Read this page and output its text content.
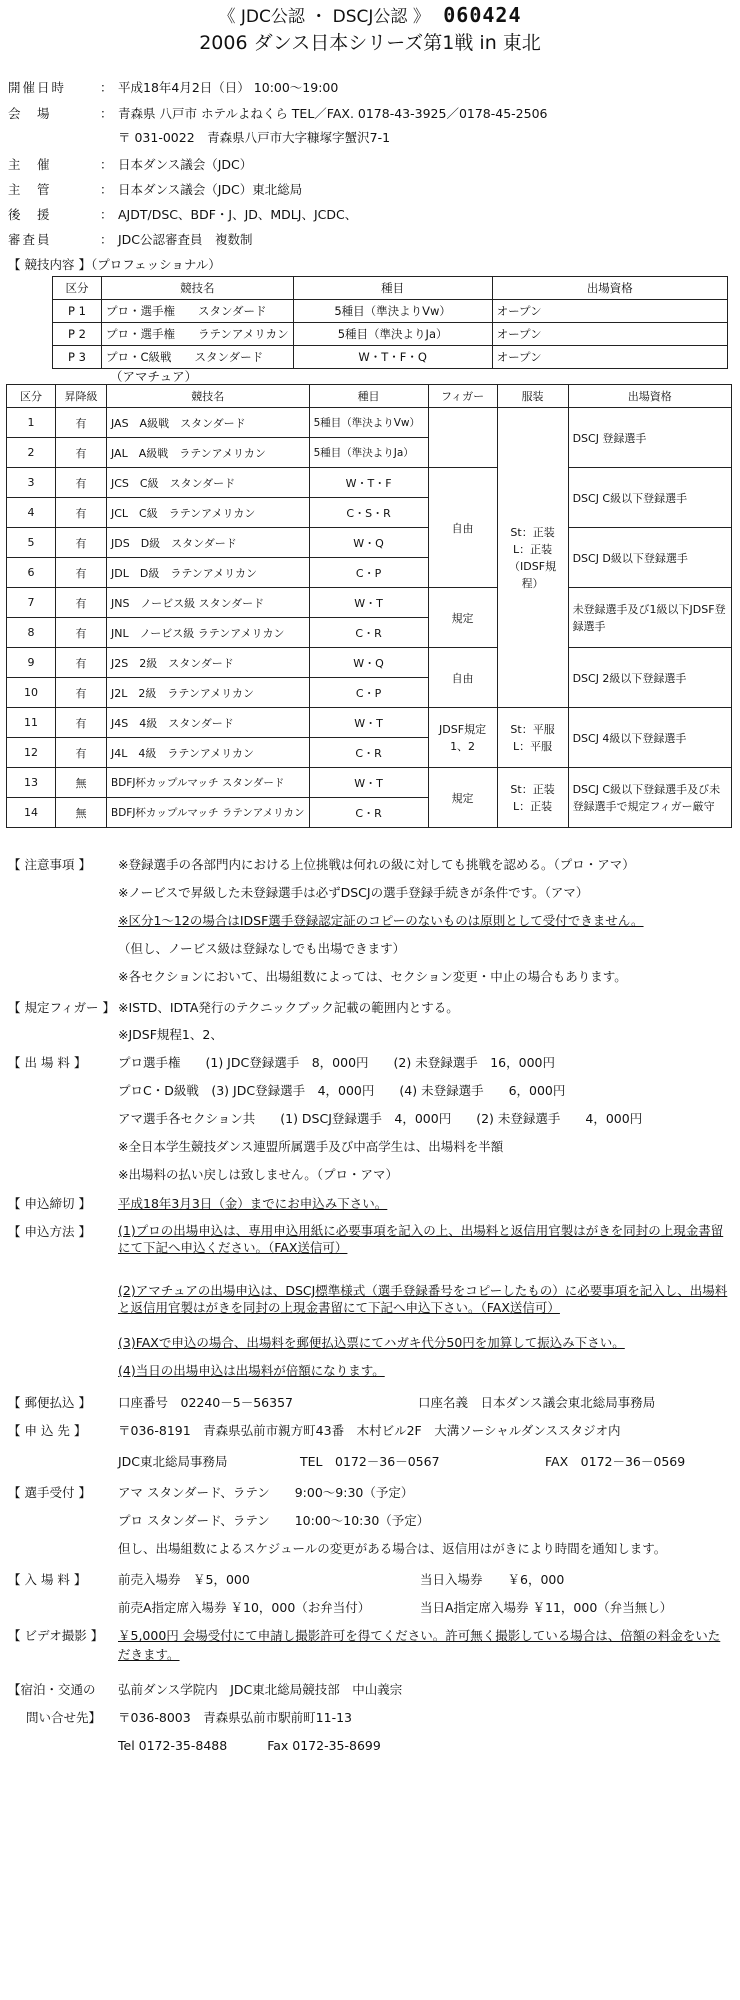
《 JDC公認 ・ DSCJ公認 》 060424
2006 ダンス日本シリーズ第1戦 in 東北
開催日時	： 平成18年4月2日（日） 10:00～19:00
会　場	： 青森県 八戸市 ホテルよねくら TEL／FAX. 0178-43-3925／0178-45-2506
〒 031-0022　青森県八戸市大字糠塚字蟹沢7-1
主　催	： 日本ダンス議会（JDC）
主　管	： 日本ダンス議会（JDC）東北総局
後　援	： AJDT/DSC、BDF・J、JD、MDLJ、JCDC、
審査員	： JDC公認審査員　複数制
【 競技内容 】（プロフェッショナル）
区分	競技名	種目	出場資格
P 1	プロ・選手権　　スタンダード	5種目（準決よりVw）	オープン
P 2	プロ・選手権　　ラテンアメリカン	5種目（準決よりJa）	オープン
P 3	プロ・C級戦　　スタンダード	W・T・F・Q	オープン
（アマチュア）
区分	昇降級	競技名	種目	フィガー	服装	出場資格
1	有	JAS　A級戦　スタンダード	5種目（準決よりVw）		St：正装 L：正装 （IDSF規程）	DSCJ 登録選手
2	有	JAL　A級戦　ラテンアメリカン	5種目（準決よりJa）			
3	有	JCS　C級　スタンダード	W・T・F	自由		DSCJ C級以下登録選手
4	有	JCL　C級　ラテンアメリカン	C・S・R			
5	有	JDS　D級　スタンダード	W・Q			DSCJ D級以下登録選手
6	有	JDL　D級　ラテンアメリカン	C・P			
7	有	JNS　ノービス級 スタンダード	W・T	規定		未登録選手及び1級以下JDSF登録選手
8	有	JNL　ノービス級 ラテンアメリカン	C・R			
9	有	J2S　2級　スタンダード	W・Q	自由		DSCJ 2級以下登録選手
10	有	J2L　2級　ラテンアメリカン	C・P			
11	有	J4S　4級　スタンダード	W・T	JDSF規定 1、2	St：平服 L：平服	DSCJ 4級以下登録選手
12	有	J4L　4級　ラテンアメリカン	C・R			
13	無	BDFJ杯カップルマッチ スタンダード	W・T	規定	St：正装 L：正装	DSCJ C級以下登録選手及び未登録選手で規定フィガー厳守
14	無	BDFJ杯カップルマッチ ラテンアメリカン	C・R			
【 注意事項 】 ※登録選手の各部門内における上位挑戦は何れの級に対しても挑戦を認める。（プロ・アマ）
※ノービスで昇級した未登録選手は必ずDSCJの選手登録手続きが条件です。（アマ）
※区分1～12の場合はIDSF選手登録認定証のコピーのないものは原則として受付できません。
（但し、ノービス級は登録なしでも出場できます）
※各セクションにおいて、出場組数によっては、セクション変更・中止の場合もあります。
【 規定フィガー 】 ※ISTD、IDTA発行のテクニックブック記載の範囲内とする。
※JDSF規程1、2、
【 出 場 料 】	プロ選手権　　(1) JDC登録選手　8，000円　　(2) 未登録選手　16，000円
プロC・D級戦　(3) JDC登録選手　4，000円　　(4) 未登録選手　　6，000円
アマ選手各セクション共　　(1) DSCJ登録選手　4，000円　　(2) 未登録選手　　4，000円
※全日本学生競技ダンス連盟所属選手及び中高学生は、出場料を半額
※出場料の払い戻しは致しません。（プロ・アマ）
【 申込締切 】 平成18年3月3日（金）までにお申込み下さい。
【 申込方法 】 (1)プロの出場申込は、専用申込用紙に必要事項を記入の上、出場料と返信用官製はがきを同封の上現金書留にて下記へ申込ください。（FAX送信可）
(2)アマチュアの出場申込は、DSCJ標準様式（選手登録番号をコピーしたもの）に必要事項を記入し、出場料と返信用官製はがきを同封の上現金書留にて下記へ申込下さい。（FAX送信可）
(3)FAXで申込の場合、出場料を郵便払込票にてハガキ代分50円を加算して振込み下さい。
(4)当日の出場申込は出場料が倍額になります。
【 郵便払込 】 口座番号　02240－5－56357	口座名義　日本ダンス議会東北総局事務局
【 申 込 先 】	〒036-8191　青森県弘前市親方町43番　木村ビル2F　大溝ソーシャルダンススタジオ内
JDC東北総局事務局	TEL　0172－36－0567	FAX　0172－36－0569
【 選手受付 】 アマ スタンダード、ラテン　　9:00～9:30（予定）
プロ スタンダード、ラテン　　10:00～10:30（予定）
但し、出場組数によるスケジュールの変更がある場合は、返信用はがきにより時間を通知します。
【 入 場 料 】	前売入場券　￥5，000	当日入場券　　￥6，000
前売A指定席入場券 ￥10，000（お弁当付）	当日A指定席入場券 ￥11，000（弁当無し）
【 ビデオ撮影 】 ￥5,000円 会場受付にて申請し撮影許可を得てください。許可無く撮影している場合は、倍額の料金をいただきます。
【宿泊・交通の 弘前ダンス学院内　JDC東北総局競技部　中山義宗
問い合せ先】 〒036-8003　青森県弘前市駅前町11-13
Tel 0172-35-8488	Fax 0172-35-8699
